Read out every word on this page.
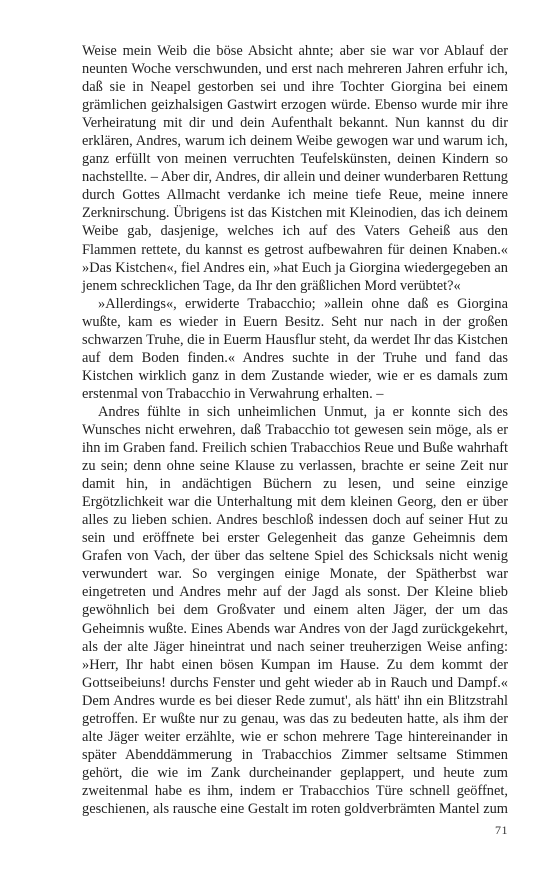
Weise mein Weib die böse Absicht ahnte; aber sie war vor Ablauf der neunten Woche verschwunden, und erst nach mehreren Jahren erfuhr ich, daß sie in Neapel gestorben sei und ihre Tochter Giorgina bei einem grämlichen geizhalsigen Gastwirt erzogen würde. Ebenso wurde mir ihre Verheiratung mit dir und dein Aufenthalt bekannt. Nun kannst du dir erklären, Andres, warum ich deinem Weibe gewogen war und warum ich, ganz erfüllt von meinen verruchten Teufelskünsten, deinen Kindern so nachstellte. – Aber dir, Andres, dir allein und deiner wunderbaren Rettung durch Gottes Allmacht verdanke ich meine tiefe Reue, meine innere Zerknirschung. Übrigens ist das Kistchen mit Kleinodien, das ich deinem Weibe gab, dasjenige, welches ich auf des Vaters Geheiß aus den Flammen rettete, du kannst es getrost aufbewahren für deinen Knaben.« »Das Kistchen«, fiel Andres ein, »hat Euch ja Giorgina wiedergegeben an jenem schrecklichen Tage, da Ihr den gräßlichen Mord verübtet?«

»Allerdings«, erwiderte Trabacchio; »allein ohne daß es Giorgina wußte, kam es wieder in Euern Besitz. Seht nur nach in der großen schwarzen Truhe, die in Euerm Hausflur steht, da werdet Ihr das Kistchen auf dem Boden finden.« Andres suchte in der Truhe und fand das Kistchen wirklich ganz in dem Zustande wieder, wie er es damals zum erstenmal von Trabacchio in Verwahrung erhalten. –

Andres fühlte in sich unheimlichen Unmut, ja er konnte sich des Wunsches nicht erwehren, daß Trabacchio tot gewesen sein möge, als er ihn im Graben fand. Freilich schien Trabacchios Reue und Buße wahrhaft zu sein; denn ohne seine Klause zu verlassen, brachte er seine Zeit nur damit hin, in andächtigen Büchern zu lesen, und seine einzige Ergötzlichkeit war die Unterhaltung mit dem kleinen Georg, den er über alles zu lieben schien. Andres beschloß indessen doch auf seiner Hut zu sein und eröffnete bei erster Gelegenheit das ganze Geheimnis dem Grafen von Vach, der über das seltene Spiel des Schicksals nicht wenig verwundert war. So vergingen einige Monate, der Spätherbst war eingetreten und Andres mehr auf der Jagd als sonst. Der Kleine blieb gewöhnlich bei dem Großvater und einem alten Jäger, der um das Geheimnis wußte. Eines Abends war Andres von der Jagd zurückgekehrt, als der alte Jäger hineintrat und nach seiner treuherzigen Weise anfing: »Herr, Ihr habt einen bösen Kumpan im Hause. Zu dem kommt der Gottseibeiuns! durchs Fenster und geht wieder ab in Rauch und Dampf.« Dem Andres wurde es bei dieser Rede zumut', als hätt' ihn ein Blitzstrahl getroffen. Er wußte nur zu genau, was das zu bedeuten hatte, als ihm der alte Jäger weiter erzählte, wie er schon mehrere Tage hintereinander in später Abenddämmerung in Trabacchios Zimmer seltsame Stimmen gehört, die wie im Zank durcheinander geplappert, und heute zum zweitenmal habe es ihm, indem er Trabacchios Türe schnell geöffnet, geschienen, als rausche eine Gestalt im roten goldverbrämten Mantel zum

71
